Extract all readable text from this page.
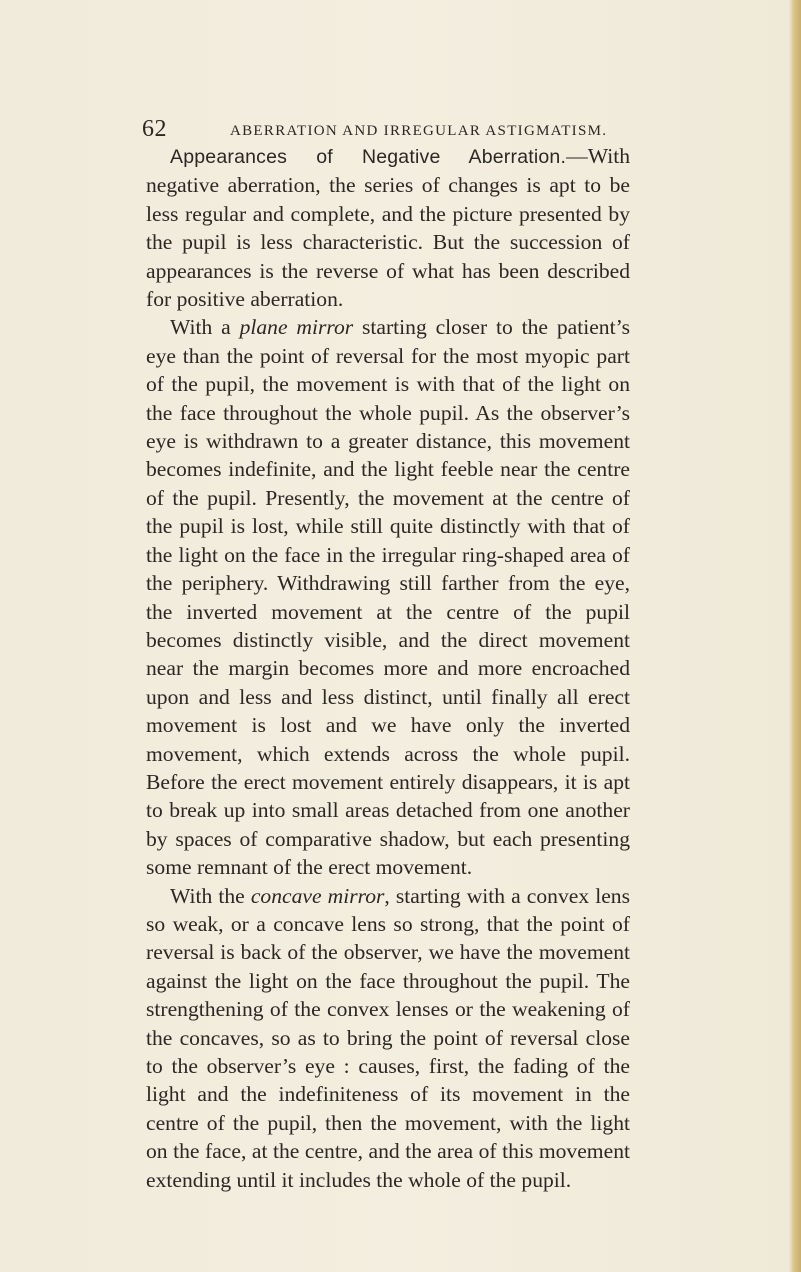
62	ABERRATION AND IRREGULAR ASTIGMATISM.

Appearances of Negative Aberration.—With negative aberration, the series of changes is apt to be less regular and complete, and the picture presented by the pupil is less characteristic. But the succession of appearances is the reverse of what has been described for positive aberration.

With a plane mirror starting closer to the patient’s eye than the point of reversal for the most myopic part of the pupil, the movement is with that of the light on the face throughout the whole pupil. As the observer’s eye is withdrawn to a greater distance, this movement becomes indefinite, and the light feeble near the centre of the pupil. Presently, the movement at the centre of the pupil is lost, while still quite distinctly with that of the light on the face in the irregular ring-shaped area of the periphery. Withdrawing still farther from the eye, the inverted movement at the centre of the pupil becomes distinctly visible, and the direct movement near the margin becomes more and more encroached upon and less and less distinct, until finally all erect movement is lost and we have only the inverted movement, which extends across the whole pupil. Before the erect movement entirely disappears, it is apt to break up into small areas detached from one another by spaces of comparative shadow, but each presenting some remnant of the erect movement.

With the concave mirror, starting with a convex lens so weak, or a concave lens so strong, that the point of reversal is back of the observer, we have the movement against the light on the face throughout the pupil. The strengthening of the convex lenses or the weakening of the concaves, so as to bring the point of reversal close to the observer’s eye : causes, first, the fading of the light and the indefiniteness of its movement in the centre of the pupil, then the movement, with the light on the face, at the centre, and the area of this movement extending until it includes the whole of the pupil.
